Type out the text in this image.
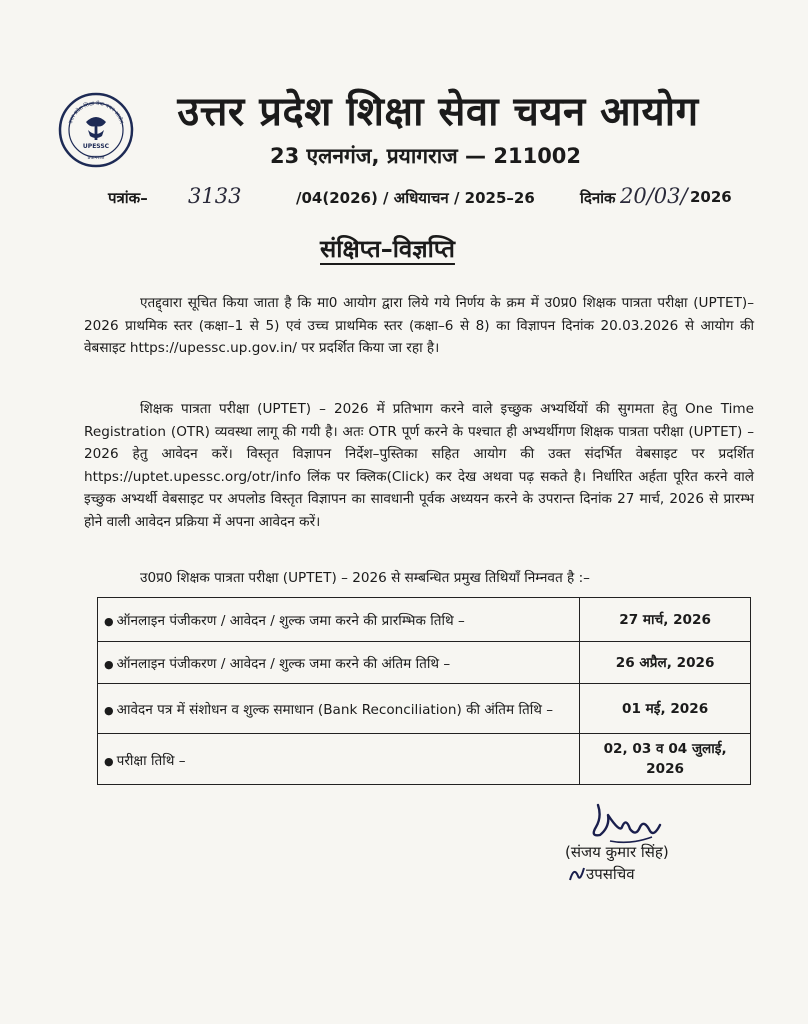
उत्तर प्रदेश शिक्षा सेवा चयन आयोग
UPESSC
प्रयागराज
उत्तर प्रदेश शिक्षा सेवा चयन आयोग
23 एलनगंज, प्रयागराज — 211002
पत्रांक– 3133	/04(2026) / अधियाचन / 2025–26	दिनांक 20/03/ 2026
संक्षिप्त–विज्ञप्ति
एतद्द्वारा सूचित किया जाता है कि मा0 आयोग द्वारा लिये गये निर्णय के क्रम में उ0प्र0 शिक्षक पात्रता परीक्षा (UPTET)–2026 प्राथमिक स्तर (कक्षा–1 से 5) एवं उच्च प्राथमिक स्तर (कक्षा–6 से 8) का विज्ञापन दिनांक 20.03.2026 से आयोग की वेबसाइट https://upessc.up.gov.in/ पर प्रदर्शित किया जा रहा है।
शिक्षक पात्रता परीक्षा (UPTET) – 2026 में प्रतिभाग करने वाले इच्छुक अभ्यर्थियों की सुगमता हेतु One Time Registration (OTR) व्यवस्था लागू की गयी है। अतः OTR पूर्ण करने के पश्चात ही अभ्यर्थीगण शिक्षक पात्रता परीक्षा (UPTET) – 2026 हेतु आवेदन करें। विस्तृत विज्ञापन निर्देश–पुस्तिका सहित आयोग की उक्त संदर्भित वेबसाइट पर प्रदर्शित https://uptet.upessc.org/otr/info लिंक पर क्लिक(Click) कर देख अथवा पढ़ सकते है। निर्धारित अर्हता पूरित करने वाले इच्छुक अभ्यर्थी वेबसाइट पर अपलोड विस्तृत विज्ञापन का सावधानी पूर्वक अध्ययन करने के उपरान्त दिनांक 27 मार्च, 2026 से प्रारम्भ होने वाली आवेदन प्रक्रिया में अपना आवेदन करें।
उ0प्र0 शिक्षक पात्रता परीक्षा (UPTET) – 2026 से सम्बन्धित प्रमुख तिथियाँ निम्नवत है :–
● ऑनलाइन पंजीकरण / आवेदन / शुल्क जमा करने की प्रारम्भिक तिथि –	27 मार्च, 2026
● ऑनलाइन पंजीकरण / आवेदन / शुल्क जमा करने की अंतिम तिथि –	26 अप्रैल, 2026
● आवेदन पत्र में संशोधन व शुल्क समाधान (Bank Reconciliation) की अंतिम तिथि –	01 मई, 2026
● परीक्षा तिथि –	02, 03 व 04 जुलाई, 2026
(संजय कुमार सिंह)
उपसचिव
